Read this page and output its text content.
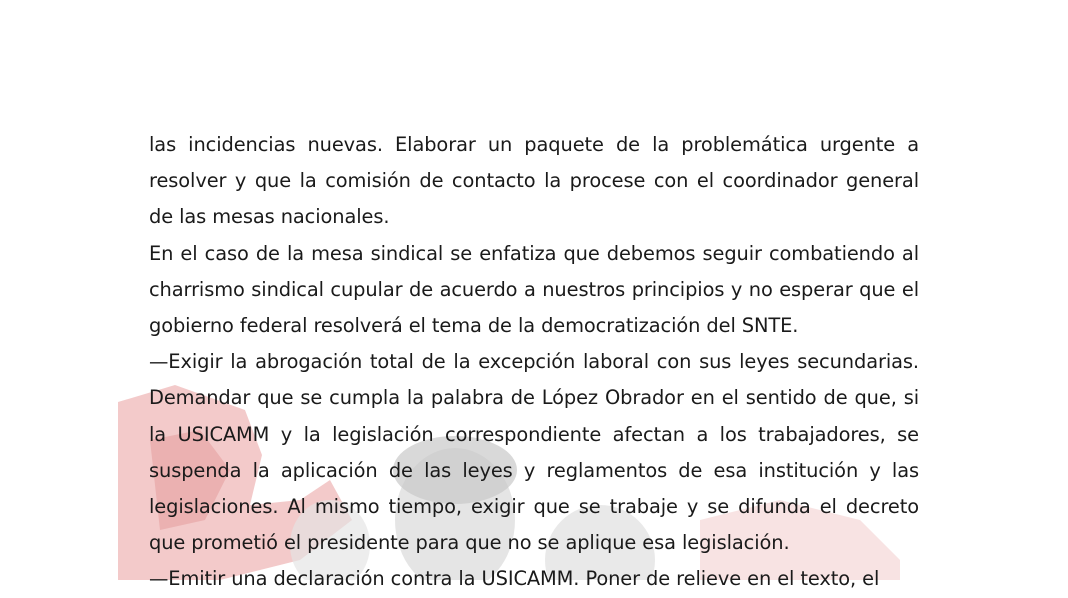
las incidencias nuevas. Elaborar un paquete de la problemática urgente a resolver y que la comisión de contacto la procese con el coordinador general de las mesas nacionales.

En el caso de la mesa sindical se enfatiza que debemos seguir combatiendo al charrismo sindical cupular de acuerdo a nuestros principios y no esperar que el gobierno federal resolverá el tema de la democratización del SNTE.

—Exigir la abrogación total de la excepción laboral con sus leyes secundarias. Demandar que se cumpla la palabra de López Obrador en el sentido de que, si la USICAMM y la legislación correspondiente afectan a los trabajadores, se suspenda la aplicación de las leyes y reglamentos de esa institución y las legislaciones. Al mismo tiempo, exigir que se trabaje y se difunda el decreto que prometió el presidente para que no se aplique esa legislación.

—Emitir una declaración contra la USICAMM. Poner de relieve en el texto, el
